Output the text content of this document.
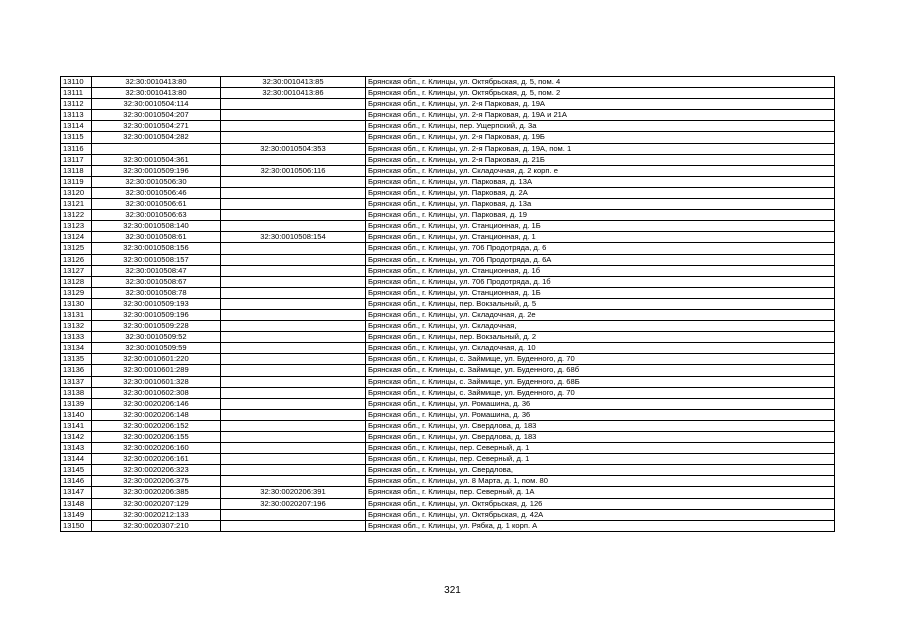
13110	32:30:0010413:80	32:30:0010413:85	Брянская обл., г. Клинцы, ул. Октябрьская, д. 5, пом. 4
13111	32:30:0010413:80	32:30:0010413:86	Брянская обл., г. Клинцы, ул. Октябрьская, д. 5, пом. 2
13112	32:30:0010504:114		Брянская обл., г. Клинцы, ул. 2-я Парковая, д. 19А
13113	32:30:0010504:207		Брянская обл., г. Клинцы, ул. 2-я Парковая, д. 19А и 21А
13114	32:30:0010504:271		Брянская обл., г. Клинцы, пер. Ущерпский, д. 3а
13115	32:30:0010504:282		Брянская обл., г. Клинцы, ул. 2-я Парковая, д. 19Б
13116		32:30:0010504:353	Брянская обл., г. Клинцы, ул. 2-я Парковая, д. 19А, пом. 1
13117	32:30:0010504:361		Брянская обл., г. Клинцы, ул. 2-я Парковая, д. 21Б
13118	32:30:0010509:196	32:30:0010506:116	Брянская обл., г. Клинцы, ул. Складочная, д. 2 корп. е
13119	32:30:0010506:30		Брянская обл., г. Клинцы, ул. Парковая, д. 13А
13120	32:30:0010506:46		Брянская обл., г. Клинцы, ул. Парковая, д. 2А
13121	32:30:0010506:61		Брянская обл., г. Клинцы, ул. Парковая, д. 13а
13122	32:30:0010506:63		Брянская обл., г. Клинцы, ул. Парковая, д. 19
13123	32:30:0010508:140		Брянская обл., г. Клинцы, ул. Станционная, д. 1Б
13124	32:30:0010508:61	32:30:0010508:154	Брянская обл., г. Клинцы, ул. Станционная, д. 1
13125	32:30:0010508:156		Брянская обл., г. Клинцы, ул. 706 Продотряда, д. 6
13126	32:30:0010508:157		Брянская обл., г. Клинцы, ул. 706 Продотряда, д. 6А
13127	32:30:0010508:47		Брянская обл., г. Клинцы, ул. Станционная, д. 1б
13128	32:30:0010508:67		Брянская обл., г. Клинцы, ул. 706 Продотряда, д. 1б
13129	32:30:0010508:78		Брянская обл., г. Клинцы, ул. Станционная, д. 1Б
13130	32:30:0010509:193		Брянская обл., г. Клинцы, пер. Вокзальный, д. 5
13131	32:30:0010509:196		Брянская обл., г. Клинцы, ул. Складочная, д. 2е
13132	32:30:0010509:228		Брянская обл., г. Клинцы, ул. Складочная,
13133	32:30:0010509:52		Брянская обл., г. Клинцы, пер. Вокзальный, д. 2
13134	32:30:0010509:59		Брянская обл., г. Клинцы, ул. Складочная, д. 10
13135	32:30:0010601:220		Брянская обл., г. Клинцы, с. Займище, ул. Буденного, д. 70
13136	32:30:0010601:289		Брянская обл., г. Клинцы, с. Займище, ул. Буденного, д. 68б
13137	32:30:0010601:328		Брянская обл., г. Клинцы, с. Займище, ул. Буденного, д. 68Б
13138	32:30:0010602:308		Брянская обл., г. Клинцы, с. Займище, ул. Буденного, д. 70
13139	32:30:0020206:146		Брянская обл., г. Клинцы, ул. Ромашина, д. 36
13140	32:30:0020206:148		Брянская обл., г. Клинцы, ул. Ромашина, д. 36
13141	32:30:0020206:152		Брянская обл., г. Клинцы, ул. Свердлова, д. 183
13142	32:30:0020206:155		Брянская обл., г. Клинцы, ул. Свердлова, д. 183
13143	32:30:0020206:160		Брянская обл., г. Клинцы, пер. Северный, д. 1
13144	32:30:0020206:161		Брянская обл., г. Клинцы, пер. Северный, д. 1
13145	32:30:0020206:323		Брянская обл., г. Клинцы, ул. Свердлова,
13146	32:30:0020206:375		Брянская обл., г. Клинцы, ул. 8 Марта, д. 1, пом. 80
13147	32:30:0020206:385	32:30:0020206:391	Брянская обл., г. Клинцы, пер. Северный, д. 1А
13148	32:30:0020207:129	32:30:0020207:196	Брянская обл., г. Клинцы, ул. Октябрьская, д. 126
13149	32:30:0020212:133		Брянская обл., г. Клинцы, ул. Октябрьская, д. 42А
13150	32:30:0020307:210		Брянская обл., г. Клинцы, ул. Рябка, д. 1 корп. А
321
